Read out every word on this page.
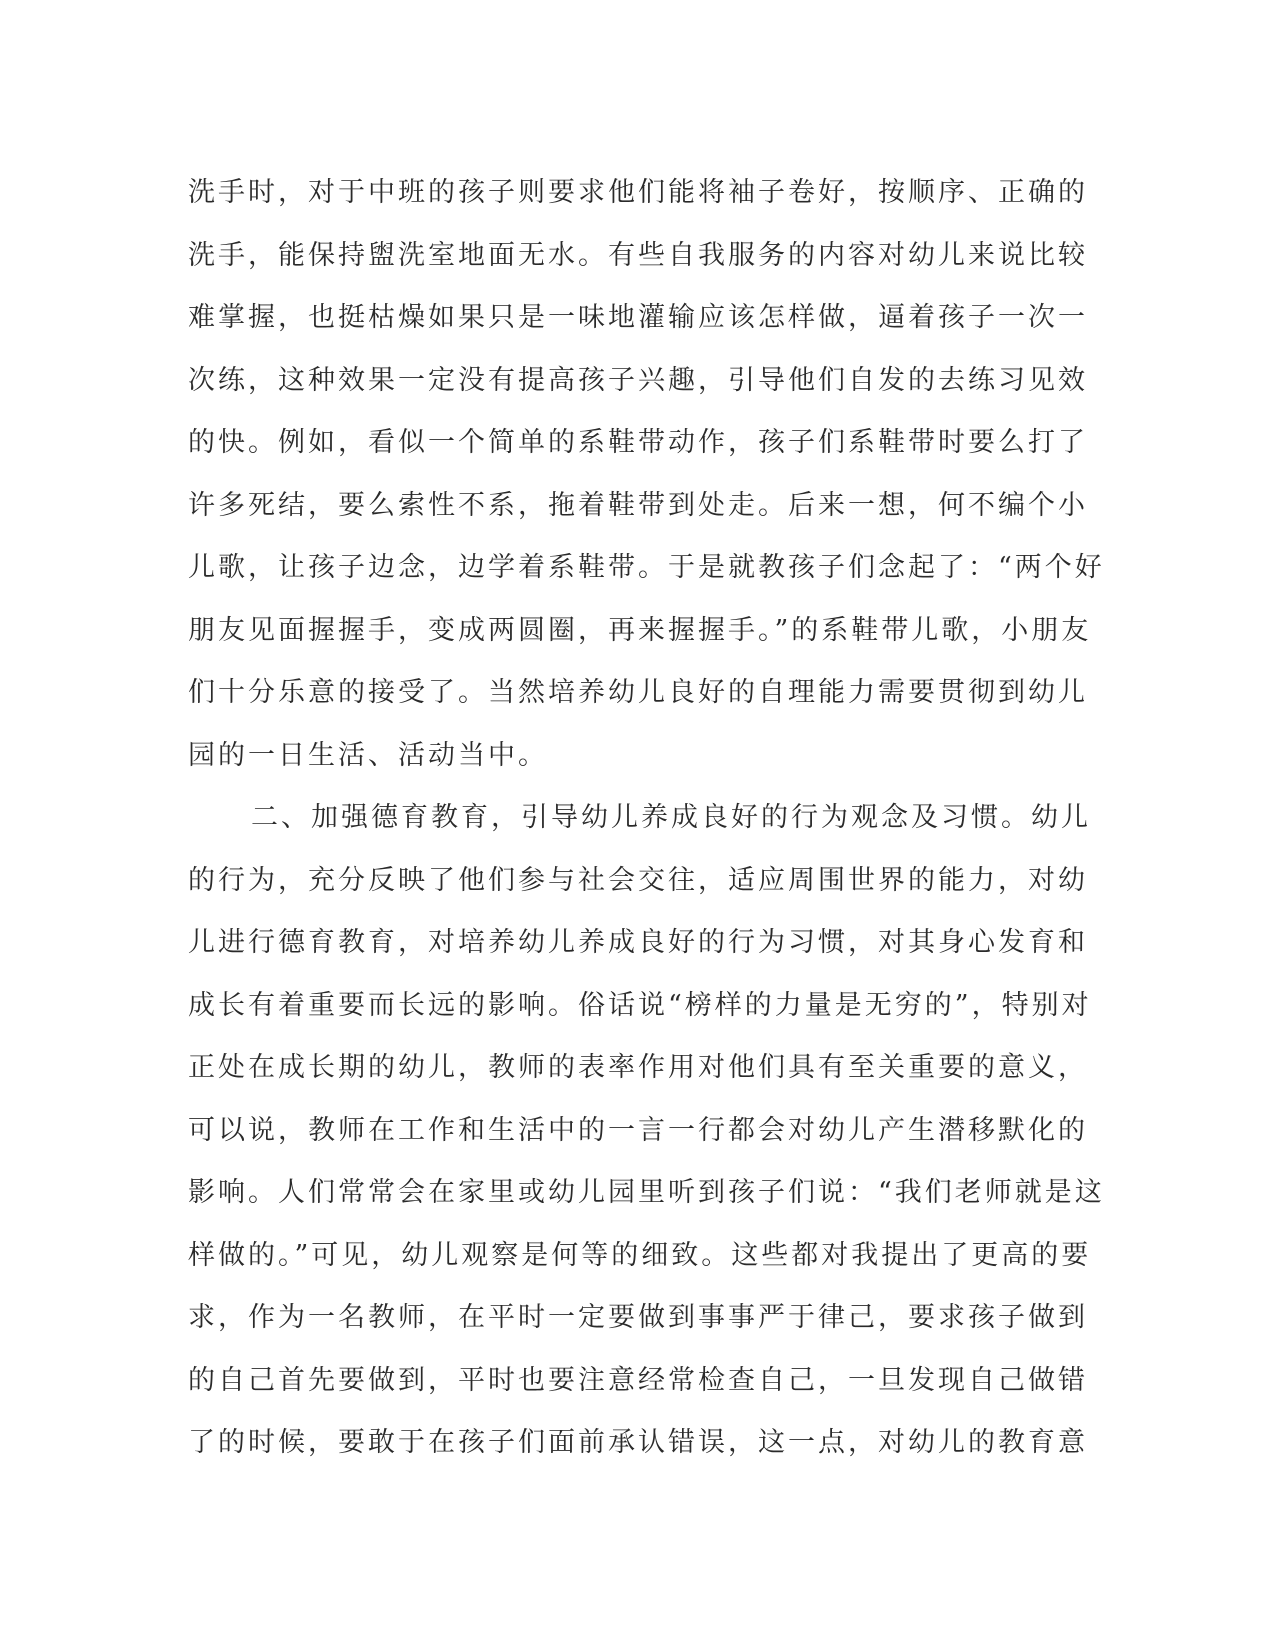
洗手时，对于中班的孩子则要求他们能将袖子卷好，按顺序、正确的
洗手，能保持盥洗室地面无水。有些自我服务的内容对幼儿来说比较
难掌握，也挺枯燥如果只是一味地灌输应该怎样做，逼着孩子一次一
次练，这种效果一定没有提高孩子兴趣，引导他们自发的去练习见效
的快。例如，看似一个简单的系鞋带动作，孩子们系鞋带时要么打了
许多死结，要么索性不系，拖着鞋带到处走。后来一想，何不编个小
儿歌，让孩子边念，边学着系鞋带。于是就教孩子们念起了：“两个好
朋友见面握握手，变成两圆圈，再来握握手。”的系鞋带儿歌，小朋友
们十分乐意的接受了。当然培养幼儿良好的自理能力需要贯彻到幼儿
园的一日生活、活动当中。
二、加强德育教育，引导幼儿养成良好的行为观念及习惯。幼儿
的行为，充分反映了他们参与社会交往，适应周围世界的能力，对幼
儿进行德育教育，对培养幼儿养成良好的行为习惯，对其身心发育和
成长有着重要而长远的影响。俗话说“榜样的力量是无穷的”，特别对
正处在成长期的幼儿，教师的表率作用对他们具有至关重要的意义，
可以说，教师在工作和生活中的一言一行都会对幼儿产生潜移默化的
影响。人们常常会在家里或幼儿园里听到孩子们说：“我们老师就是这
样做的。”可见，幼儿观察是何等的细致。这些都对我提出了更高的要
求，作为一名教师，在平时一定要做到事事严于律己，要求孩子做到
的自己首先要做到，平时也要注意经常检查自己，一旦发现自己做错
了的时候，要敢于在孩子们面前承认错误，这一点，对幼儿的教育意
